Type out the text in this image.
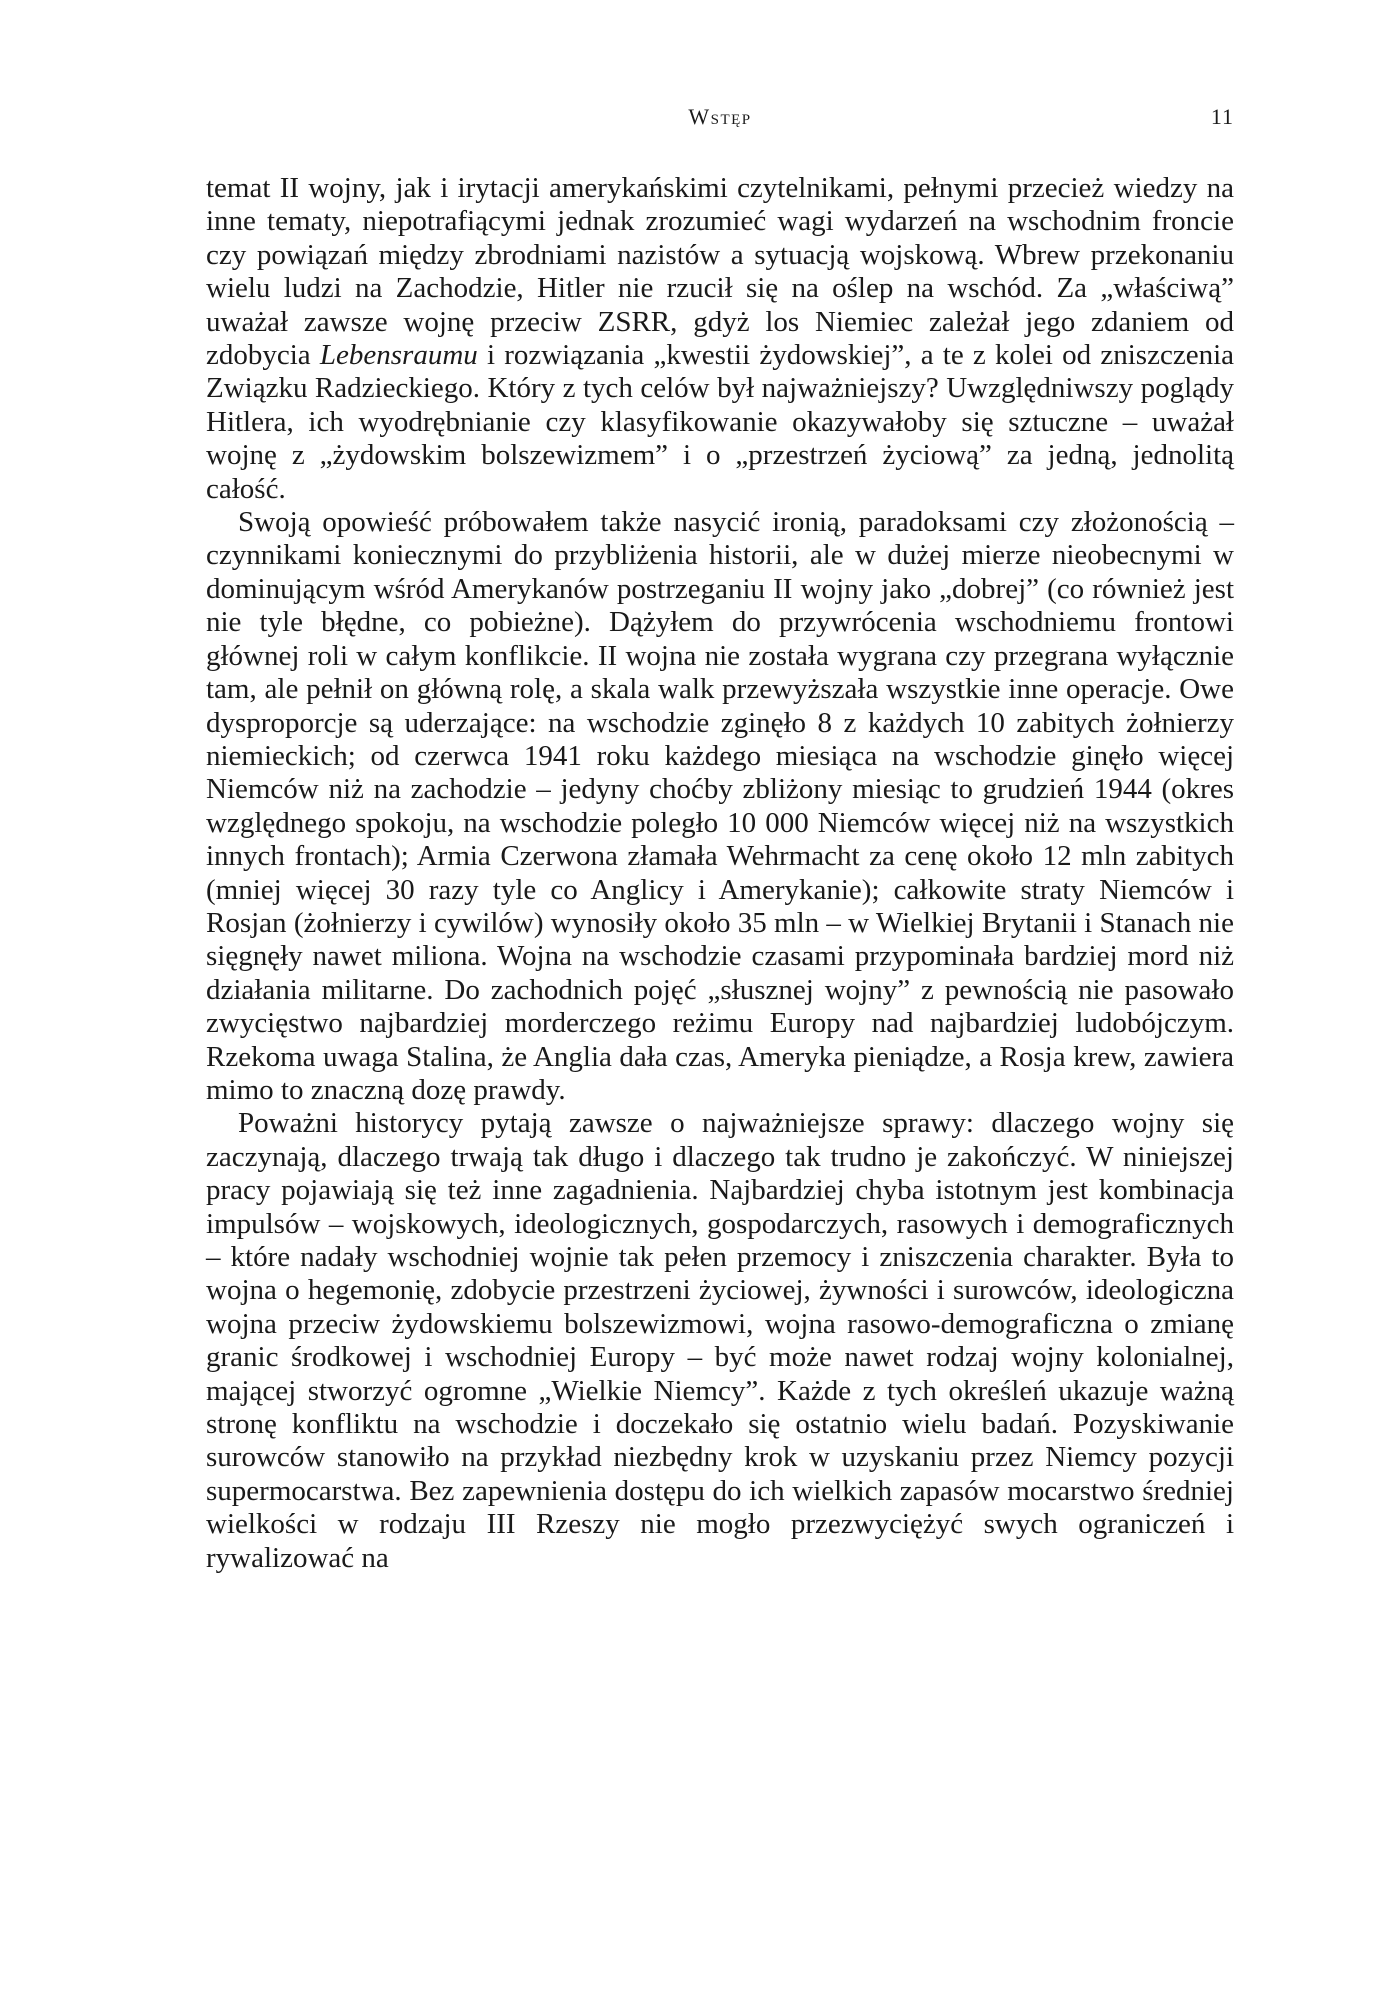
Wstęp	11

temat II wojny, jak i irytacji amerykańskimi czytelnikami, pełnymi przecież wiedzy na inne tematy, niepotrafiącymi jednak zrozumieć wagi wydarzeń na wschodnim froncie czy powiązań między zbrodniami nazistów a sytuacją wojskową. Wbrew przekonaniu wielu ludzi na Zachodzie, Hitler nie rzucił się na oślep na wschód. Za „właściwą” uważał zawsze wojnę przeciw ZSRR, gdyż los Niemiec zależał jego zdaniem od zdobycia Lebensraumu i rozwiązania „kwestii żydowskiej”, a te z kolei od zniszczenia Związku Radzieckiego. Który z tych celów był najważniejszy? Uwzględniwszy poglądy Hitlera, ich wyodrębnianie czy klasyfikowanie okazywałoby się sztuczne – uważał wojnę z „żydowskim bolszewizmem” i o „przestrzeń życiową” za jedną, jednolitą całość.

Swoją opowieść próbowałem także nasycić ironią, paradoksami czy złożonością – czynnikami koniecznymi do przybliżenia historii, ale w dużej mierze nieobecnymi w dominującym wśród Amerykanów postrzeganiu II wojny jako „dobrej” (co również jest nie tyle błędne, co pobieżne). Dążyłem do przywrócenia wschodniemu frontowi głównej roli w całym konflikcie. II wojna nie została wygrana czy przegrana wyłącznie tam, ale pełnił on główną rolę, a skala walk przewyższała wszystkie inne operacje. Owe dysproporcje są uderzające: na wschodzie zginęło 8 z każdych 10 zabitych żołnierzy niemieckich; od czerwca 1941 roku każdego miesiąca na wschodzie ginęło więcej Niemców niż na zachodzie – jedyny choćby zbliżony miesiąc to grudzień 1944 (okres względnego spokoju, na wschodzie poległo 10 000 Niemców więcej niż na wszystkich innych frontach); Armia Czerwona złamała Wehrmacht za cenę około 12 mln zabitych (mniej więcej 30 razy tyle co Anglicy i Amerykanie); całkowite straty Niemców i Rosjan (żołnierzy i cywilów) wynosiły około 35 mln – w Wielkiej Brytanii i Stanach nie sięgnęły nawet miliona. Wojna na wschodzie czasami przypominała bardziej mord niż działania militarne. Do zachodnich pojęć „słusznej wojny” z pewnością nie pasowało zwycięstwo najbardziej morderczego reżimu Europy nad najbardziej ludobójczym. Rzekoma uwaga Stalina, że Anglia dała czas, Ameryka pieniądze, a Rosja krew, zawiera mimo to znaczną dozę prawdy.

Poważni historycy pytają zawsze o najważniejsze sprawy: dlaczego wojny się zaczynają, dlaczego trwają tak długo i dlaczego tak trudno je zakończyć. W niniejszej pracy pojawiają się też inne zagadnienia. Najbardziej chyba istotnym jest kombinacja impulsów – wojskowych, ideologicznych, gospodarczych, rasowych i demograficznych – które nadały wschodniej wojnie tak pełen przemocy i zniszczenia charakter. Była to wojna o hegemonię, zdobycie przestrzeni życiowej, żywności i surowców, ideologiczna wojna przeciw żydowskiemu bolszewizmowi, wojna rasowo-demograficzna o zmianę granic środkowej i wschodniej Europy – być może nawet rodzaj wojny kolonialnej, mającej stworzyć ogromne „Wielkie Niemcy”. Każde z tych określeń ukazuje ważną stronę konfliktu na wschodzie i doczekało się ostatnio wielu badań. Pozyskiwanie surowców stanowiło na przykład niezbędny krok w uzyskaniu przez Niemcy pozycji supermocarstwa. Bez zapewnienia dostępu do ich wielkich zapasów mocarstwo średniej wielkości w rodzaju III Rzeszy nie mogło przezwyciężyć swych ograniczeń i rywalizować na
